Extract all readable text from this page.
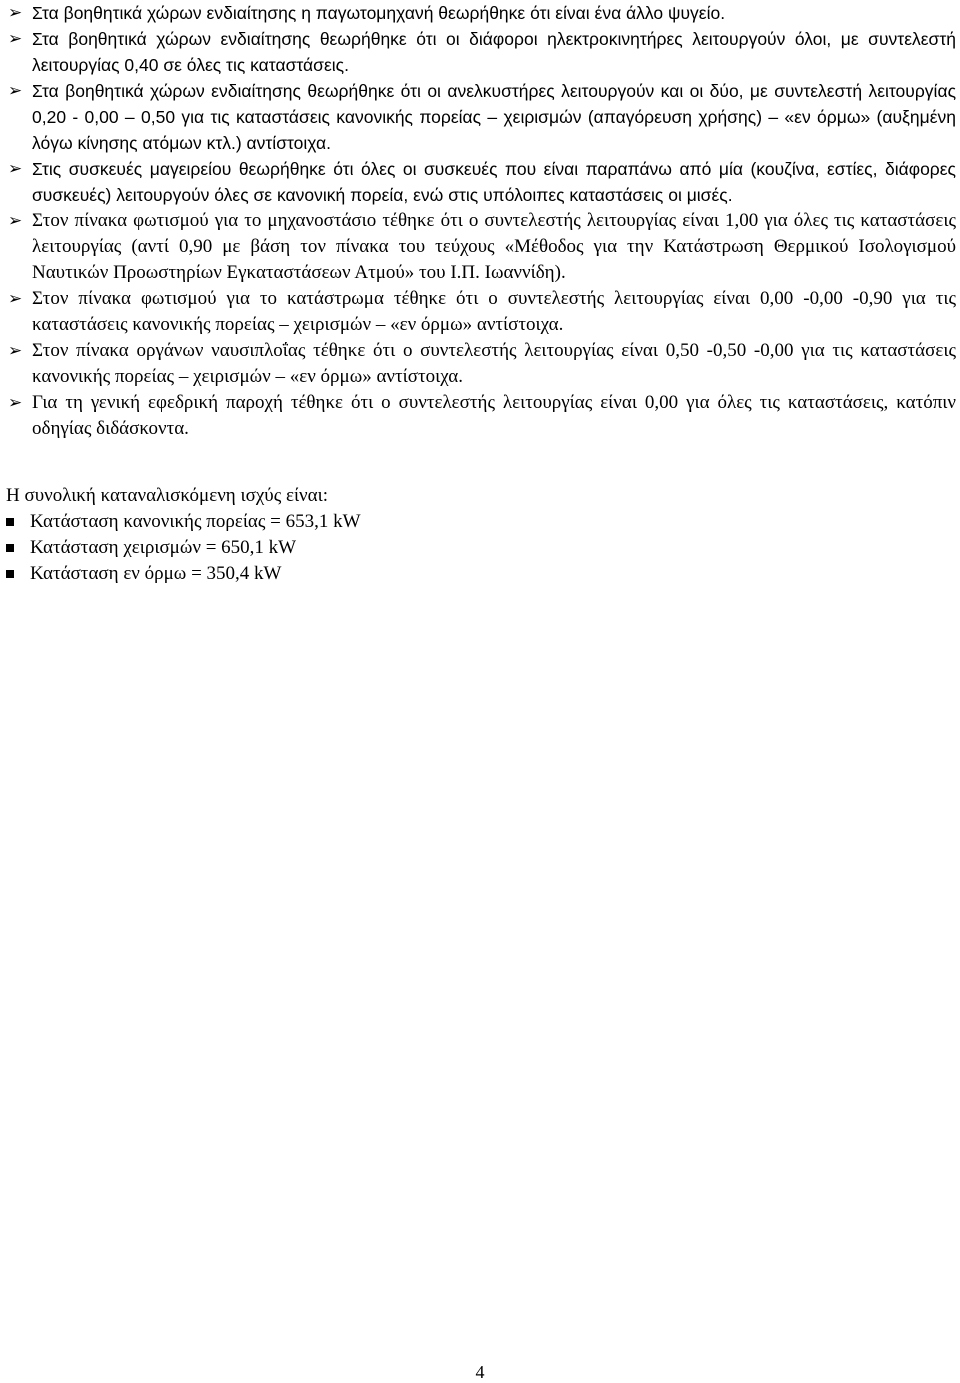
➢ Στα βοηθητικά χώρων ενδιαίτησης η παγωτομηχανή θεωρήθηκε ότι είναι ένα άλλο ψυγείο.
➢ Στα βοηθητικά χώρων ενδιαίτησης θεωρήθηκε ότι οι διάφοροι ηλεκτροκινητήρες λειτουργούν όλοι, με συντελεστή λειτουργίας 0,40 σε όλες τις καταστάσεις.
➢ Στα βοηθητικά χώρων ενδιαίτησης θεωρήθηκε ότι οι ανελκυστήρες λειτουργούν και οι δύο, με συντελεστή λειτουργίας 0,20 - 0,00 – 0,50 για τις καταστάσεις κανονικής πορείας – χειρισμών (απαγόρευση χρήσης) – «εν όρμω» (αυξημένη λόγω κίνησης ατόμων κτλ.) αντίστοιχα.
➢ Στις συσκευές μαγειρείου θεωρήθηκε ότι όλες οι συσκευές που είναι παραπάνω από μία (κουζίνα, εστίες, διάφορες συσκευές) λειτουργούν όλες σε κανονική πορεία, ενώ στις υπόλοιπες καταστάσεις οι μισές.
➢ Στον πίνακα φωτισμού για το μηχανοστάσιο τέθηκε ότι ο συντελεστής λειτουργίας είναι 1,00 για όλες τις καταστάσεις λειτουργίας (αντί 0,90 με βάση τον πίνακα του τεύχους «Μέθοδος για την Κατάστρωση Θερμικού Ισολογισμού Ναυτικών Προωστηρίων Εγκαταστάσεων Ατμού» του Ι.Π. Ιωαννίδη).
➢ Στον πίνακα φωτισμού για το κατάστρωμα τέθηκε ότι ο συντελεστής λειτουργίας είναι 0,00 -0,00 -0,90 για τις καταστάσεις κανονικής πορείας – χειρισμών – «εν όρμω» αντίστοιχα.
➢ Στον πίνακα οργάνων ναυσιπλοΐας τέθηκε ότι ο συντελεστής λειτουργίας είναι 0,50 -0,50 -0,00 για τις καταστάσεις κανονικής πορείας – χειρισμών – «εν όρμω» αντίστοιχα.
➢ Για τη γενική εφεδρική παροχή τέθηκε ότι ο συντελεστής λειτουργίας είναι 0,00 για όλες τις καταστάσεις, κατόπιν οδηγίας διδάσκοντα.

Η συνολική καταναλισκόμενη ισχύς είναι:

Κατάσταση κανονικής πορείας = 653,1 kW
Κατάσταση χειρισμών = 650,1 kW
Κατάσταση εν όρμω = 350,4 kW
4
